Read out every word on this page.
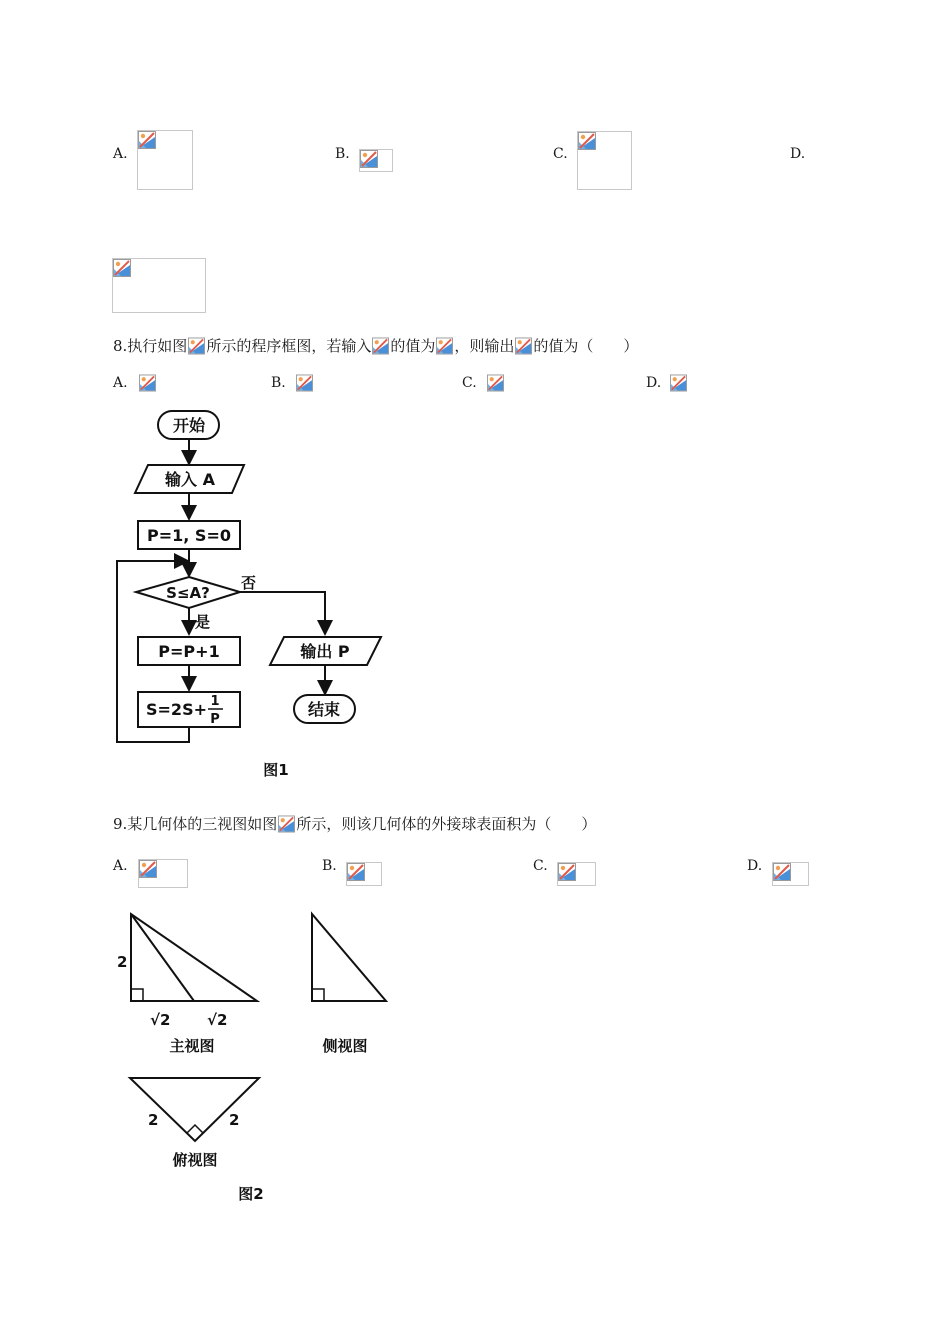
A.	B.	C.	D.
8.执行如图 所示的程序框图，若输入 的值为 ，则输出 的值为（　　）
A.	B.	C.	D.
开始
输入 A
P=1, S=0
S≤A?
否
是
P=P+1
S=2S+ 1
P
输出 P
结束
图1
9.某几何体的三视图如图 所示，则该几何体的外接球表面积为（　　）
A.	B.	C.	D.
2
√2 √2
主视图	侧视图
2	2
俯视图
图2
